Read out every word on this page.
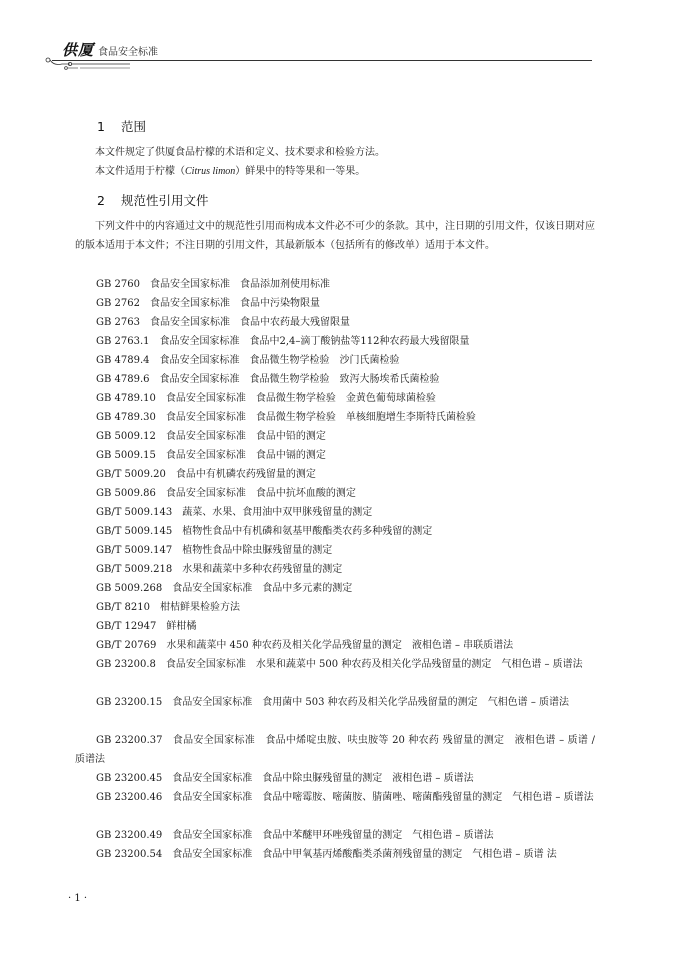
供厦 食品安全标准
1 范围
本文件规定了供厦食品柠檬的术语和定义、技术要求和检验方法。
本文件适用于柠檬（Citrus limon）鲜果中的特等果和一等果。
2 规范性引用文件
下列文件中的内容通过文中的规范性引用而构成本文件必不可少的条款。其中，注日期的引用文件，仅该日期对应的版本适用于本文件；不注日期的引用文件，其最新版本（包括所有的修改单）适用于本文件。
GB 2760 食品安全国家标准 食品添加剂使用标准
GB 2762 食品安全国家标准 食品中污染物限量
GB 2763 食品安全国家标准 食品中农药最大残留限量
GB 2763.1 食品安全国家标准 食品中2,4–滴丁酸钠盐等112种农药最大残留限量
GB 4789.4 食品安全国家标准 食品微生物学检验 沙门氏菌检验
GB 4789.6 食品安全国家标准 食品微生物学检验 致泻大肠埃希氏菌检验
GB 4789.10 食品安全国家标准 食品微生物学检验 金黄色葡萄球菌检验
GB 4789.30 食品安全国家标准 食品微生物学检验 单核细胞增生李斯特氏菌检验
GB 5009.12 食品安全国家标准 食品中铅的测定
GB 5009.15 食品安全国家标准 食品中镉的测定
GB/T 5009.20 食品中有机磷农药残留量的测定
GB 5009.86 食品安全国家标准 食品中抗坏血酸的测定
GB/T 5009.143 蔬菜、水果、食用油中双甲脒残留量的测定
GB/T 5009.145 植物性食品中有机磷和氨基甲酸酯类农药多种残留的测定
GB/T 5009.147 植物性食品中除虫脲残留量的测定
GB/T 5009.218 水果和蔬菜中多种农药残留量的测定
GB 5009.268 食品安全国家标准 食品中多元素的测定
GB/T 8210 柑桔鲜果检验方法
GB/T 12947 鲜柑橘
GB/T 20769 水果和蔬菜中 450 种农药及相关化学品残留量的测定 液相色谱 – 串联质谱法
GB 23200.8 食品安全国家标准 水果和蔬菜中 500 种农药及相关化学品残留量的测定 气相色谱 – 质谱法
GB 23200.15 食品安全国家标准 食用菌中 503 种农药及相关化学品残留量的测定 气相色谱 – 质谱法
GB 23200.37 食品安全国家标准 食品中烯啶虫胺、呋虫胺等 20 种农药 残留量的测定 液相色谱 – 质谱 / 质谱法
GB 23200.45 食品安全国家标准 食品中除虫脲残留量的测定 液相色谱 – 质谱法
GB 23200.46 食品安全国家标准 食品中嘧霉胺、嘧菌胺、腈菌唑、嘧菌酯残留量的测定 气相色谱 – 质谱法
GB 23200.49 食品安全国家标准 食品中苯醚甲环唑残留量的测定 气相色谱 – 质谱法
GB 23200.54 食品安全国家标准 食品中甲氧基丙烯酸酯类杀菌剂残留量的测定 气相色谱 – 质谱 法
· 1 ·
